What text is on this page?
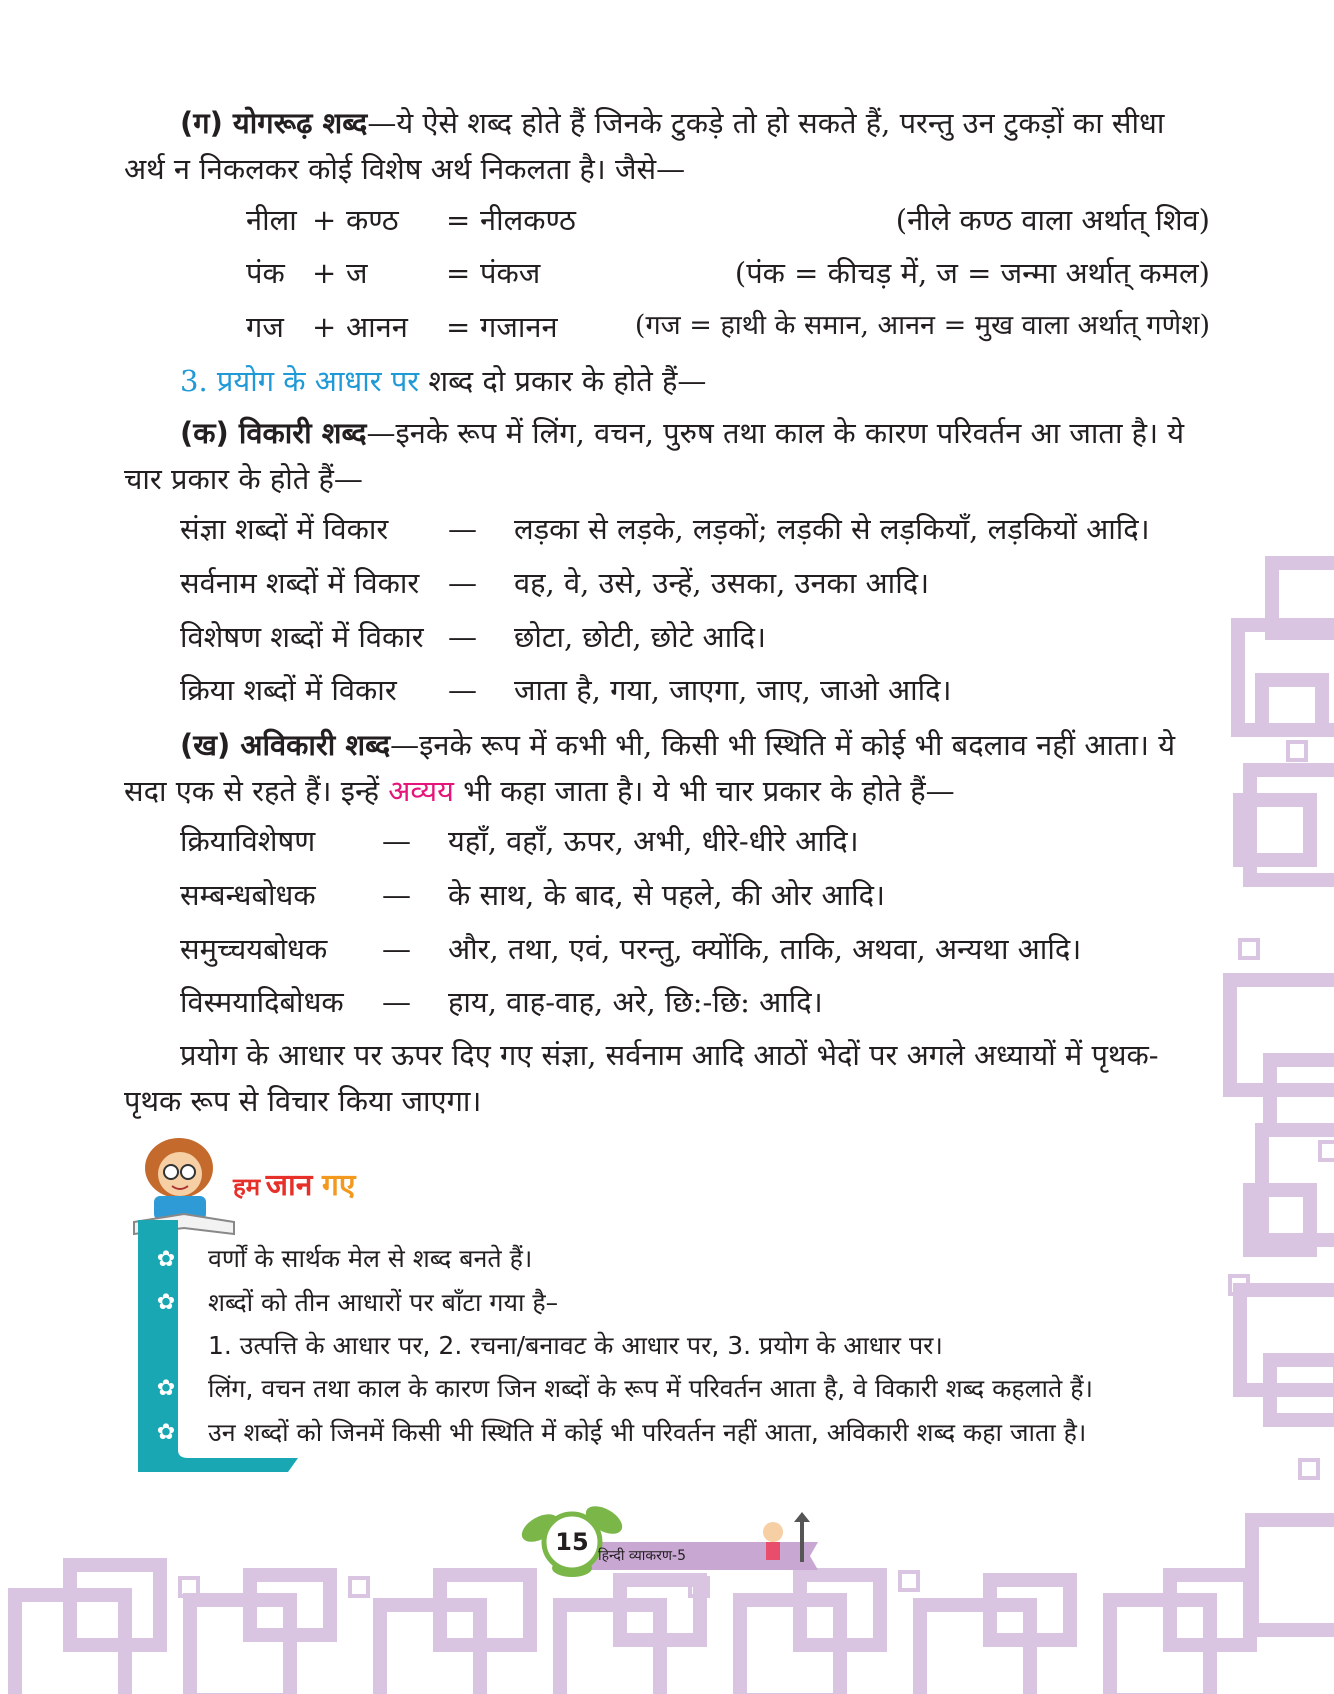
(ग) योगरूढ़ शब्द—ये ऐसे शब्द होते हैं जिनके टुकड़े तो हो सकते हैं, परन्तु उन टुकड़ों का सीधा
अर्थ न निकलकर कोई विशेष अर्थ निकलता है। जैसे—
नीला + कण्ठ = नीलकण्ठ	(नीले कण्ठ वाला अर्थात् शिव)
पंक + ज	= पंकज	(पंक = कीचड़ में, ज = जन्मा अर्थात् कमल)
गज + आनन = गजानन	(गज = हाथी के समान, आनन = मुख वाला अर्थात् गणेश)
3. प्रयोग के आधार पर शब्द दो प्रकार के होते हैं—
(क) विकारी शब्द—इनके रूप में लिंग, वचन, पुरुष तथा काल के कारण परिवर्तन आ जाता है। ये
चार प्रकार के होते हैं—
संज्ञा शब्दों में विकार — लड़का से लड़के, लड़कों; लड़की से लड़कियाँ, लड़कियों आदि।
सर्वनाम शब्दों में विकार — वह, वे, उसे, उन्हें, उसका, उनका आदि।
विशेषण शब्दों में विकार — छोटा, छोटी, छोटे आदि।
क्रिया शब्दों में विकार — जाता है, गया, जाएगा, जाए, जाओ आदि।
(ख) अविकारी शब्द—इनके रूप में कभी भी, किसी भी स्थिति में कोई भी बदलाव नहीं आता। ये
सदा एक से रहते हैं। इन्हें अव्यय भी कहा जाता है। ये भी चार प्रकार के होते हैं—
क्रियाविशेषण — यहाँ, वहाँ, ऊपर, अभी, धीरे-धीरे आदि।
सम्बन्धबोधक — के साथ, के बाद, से पहले, की ओर आदि।
समुच्चयबोधक — और, तथा, एवं, परन्तु, क्योंकि, ताकि, अथवा, अन्यथा आदि।
विस्मयादिबोधक — हाय, वाह-वाह, अरे, छि:-छि: आदि।
प्रयोग के आधार पर ऊपर दिए गए संज्ञा, सर्वनाम आदि आठों भेदों पर अगले अध्यायों में पृथक-
पृथक रूप से विचार किया जाएगा।
हम जान गए
✿
✿
✿
✿
वर्णों के सार्थक मेल से शब्द बनते हैं।
शब्दों को तीन आधारों पर बाँटा गया है–
1. उत्पत्ति के आधार पर, 2. रचना/बनावट के आधार पर, 3. प्रयोग के आधार पर।
लिंग, वचन तथा काल के कारण जिन शब्दों के रूप में परिवर्तन आता है, वे विकारी शब्द कहलाते हैं।
उन शब्दों को जिनमें किसी भी स्थिति में कोई भी परिवर्तन नहीं आता, अविकारी शब्द कहा जाता है।
15 हिन्दी व्याकरण-5
